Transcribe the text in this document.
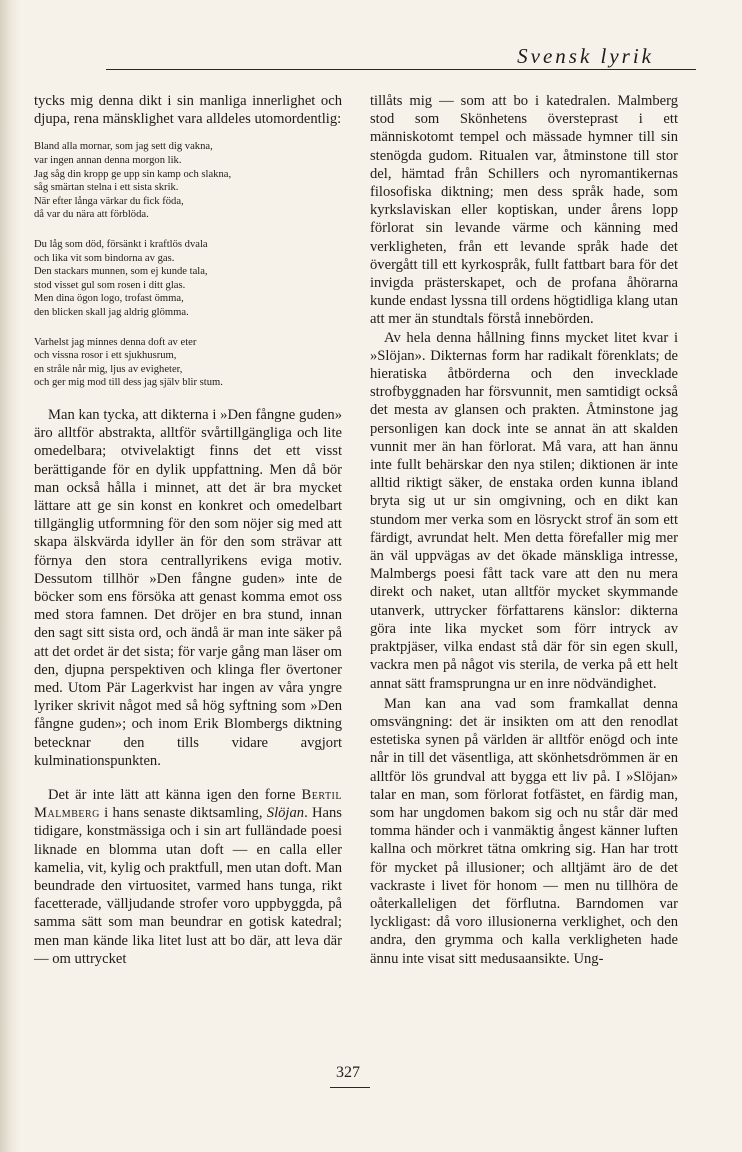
Svensk lyrik

tycks mig denna dikt i sin manliga innerlighet och djupa, rena mänsklighet vara alldeles utomordentlig:

Bland alla mornar, som jag sett dig vakna,
var ingen annan denna morgon lik.
Jag såg din kropp ge upp sin kamp och slakna,
såg smärtan stelna i ett sista skrik.
När efter långa värkar du fick föda,
då var du nära att förblöda.
Du låg som död, försänkt i kraftlös dvala
och lika vit som bindorna av gas.
Den stackars munnen, som ej kunde tala,
stod visset gul som rosen i ditt glas.
Men dina ögon logo, trofast ömma,
den blicken skall jag aldrig glömma.
Varhelst jag minnes denna doft av eter
och vissna rosor i ett sjukhusrum,
en stråle når mig, ljus av evigheter,
och ger mig mod till dess jag själv blir stum.

Man kan tycka, att dikterna i »Den fångne guden» äro alltför abstrakta, alltför svårtillgängliga och lite omedelbara; otvivelaktigt finns det ett visst berättigande för en dylik uppfattning. Men då bör man också hålla i minnet, att det är bra mycket lättare att ge sin konst en konkret och omedelbart tillgänglig utformning för den som nöjer sig med att skapa älskvärda idyller än för den som strävar att förnya den stora centrallyrikens eviga motiv. Dessutom tillhör »Den fångne guden» inte de böcker som ens försöka att genast komma emot oss med stora famnen. Det dröjer en bra stund, innan den sagt sitt sista ord, och ändå är man inte säker på att det ordet är det sista; för varje gång man läser om den, djupna perspektiven och klinga fler övertoner med. Utom Pär Lagerkvist har ingen av våra yngre lyriker skrivit något med så hög syftning som »Den fångne guden»; och inom Erik Blombergs diktning betecknar den tills vidare avgjort kulminationspunkten.

Det är inte lätt att känna igen den forne Bertil Malmberg i hans senaste diktsamling, Slöjan. Hans tidigare, konstmässiga och i sin art fulländade poesi liknade en blomma utan doft — en calla eller kamelia, vit, kylig och praktfull, men utan doft. Man beundrade den virtuositet, varmed hans tunga, rikt facetterade, välljudande strofer voro uppbyggda, på samma sätt som man beundrar en gotisk katedral; men man kände lika litet lust att bo där, att leva där — om uttrycket

tillåts mig — som att bo i katedralen. Malmberg stod som Skönhetens översteprast i ett människotomt tempel och mässade hymner till sin stenögda gudom. Ritualen var, åtminstone till stor del, hämtad från Schillers och nyromantikernas filosofiska diktning; men dess språk hade, som kyrkslaviskan eller koptiskan, under årens lopp förlorat sin levande värme och känning med verkligheten, från ett levande språk hade det övergått till ett kyrkospråk, fullt fattbart bara för det invigda prästerskapet, och de profana åhörarna kunde endast lyssna till ordens högtidliga klang utan att mer än stundtals förstå innebörden.

Av hela denna hållning finns mycket litet kvar i »Slöjan». Dikternas form har radikalt förenklats; de hieratiska åtbörderna och den invecklade strofbyggnaden har försvunnit, men samtidigt också det mesta av glansen och prakten. Åtminstone jag personligen kan dock inte se annat än att skalden vunnit mer än han förlorat. Må vara, att han ännu inte fullt behärskar den nya stilen; diktionen är inte alltid riktigt säker, de enstaka orden kunna ibland bryta sig ut ur sin omgivning, och en dikt kan stundom mer verka som en lösryckt strof än som ett färdigt, avrundat helt. Men detta förefaller mig mer än väl uppvägas av det ökade mänskliga intresse, Malmbergs poesi fått tack vare att den nu mera direkt och naket, utan alltför mycket skymmande utanverk, uttrycker författarens känslor: dikterna göra inte lika mycket som förr intryck av praktpjäser, vilka endast stå där för sin egen skull, vackra men på något vis sterila, de verka på ett helt annat sätt framsprungna ur en inre nödvändighet.

Man kan ana vad som framkallat denna omsvängning: det är insikten om att den renodlat estetiska synen på världen är alltför enögd och inte når in till det väsentliga, att skönhetsdrömmen är en alltför lös grundval att bygga ett liv på. I »Slöjan» talar en man, som förlorat fotfästet, en färdig man, som har ungdomen bakom sig och nu står där med tomma händer och i vanmäktig ångest känner luften kallna och mörkret tätna omkring sig. Han har trott för mycket på illusioner; och alltjämt äro de det vackraste i livet för honom — men nu tillhöra de oåterkalleligen det förflutna. Barndomen var lyckligast: då voro illusionerna verklighet, och den andra, den grymma och kalla verkligheten hade ännu inte visat sitt medusaansikte. Ung-

327
